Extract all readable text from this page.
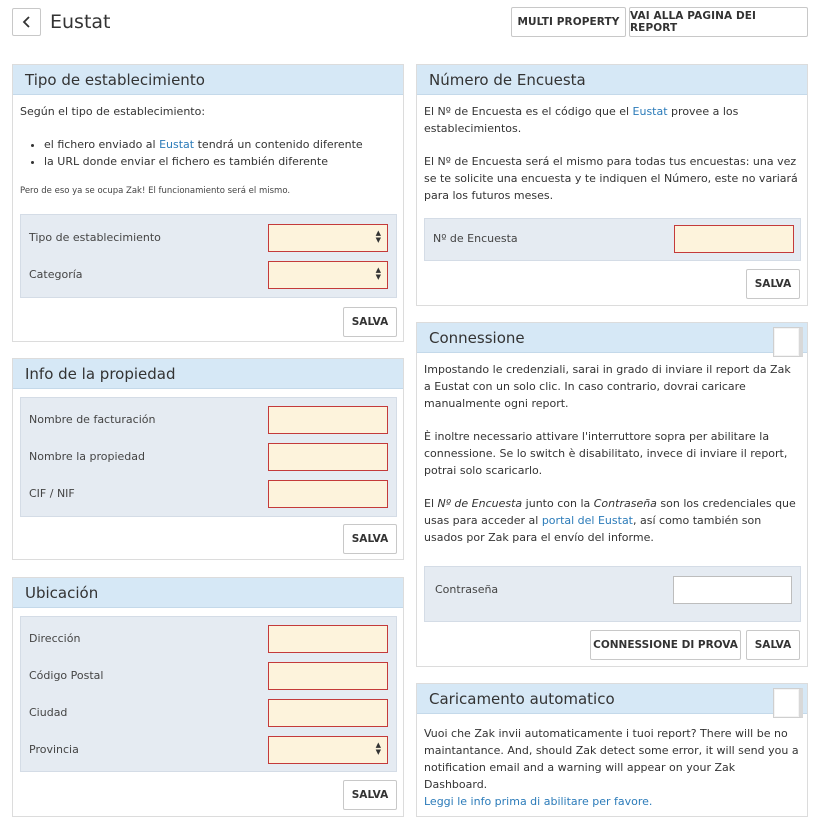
Eustat	MULTI PROPERTY	VAI ALLA PAGINA DEI REPORT
Tipo de establecimiento

Según el tipo de establecimiento:

• el fichero enviado al Eustat tendrá un contenido diferente
• la URL donde enviar el fichero es también diferente

Pero de eso ya se ocupa Zak! El funcionamiento será el mismo.

Tipo de establecimiento	▲
▼
Categoría	▲
▼
SALVA
Info de la propiedad
Nombre de facturación
Nombre la propiedad
CIF / NIF
SALVA
Ubicación
Dirección
Código Postal
Ciudad
Provincia	▲
▼
SALVA
Número de Encuesta

El Nº de Encuesta es el código que el Eustat provee a los establecimientos.

El Nº de Encuesta será el mismo para todas tus encuestas: una vez se te solicite una encuesta y te indiquen el Número, este no variará para los futuros meses.

Nº de Encuesta
SALVA
Connessione

Impostando le credenziali, sarai in grado di inviare il report da Zak a Eustat con un solo clic. In caso contrario, dovrai caricare manualmente ogni report.

È inoltre necessario attivare l'interruttore sopra per abilitare la connessione. Se lo switch è disabilitato, invece di inviare il report, potrai solo scaricarlo.

El Nº de Encuesta junto con la Contraseña son los credenciales que usas para acceder al portal del Eustat, así como también son usados por Zak para el envío del informe.

Contraseña
CONNESSIONE DI PROVA	SALVA
Caricamento automatico

Vuoi che Zak invii automaticamente i tuoi report? There will be no maintantance. And, should Zak detect some error, it will send you a notification email and a warning will appear on your Zak Dashboard.

Leggi le info prima di abilitare per favore.
